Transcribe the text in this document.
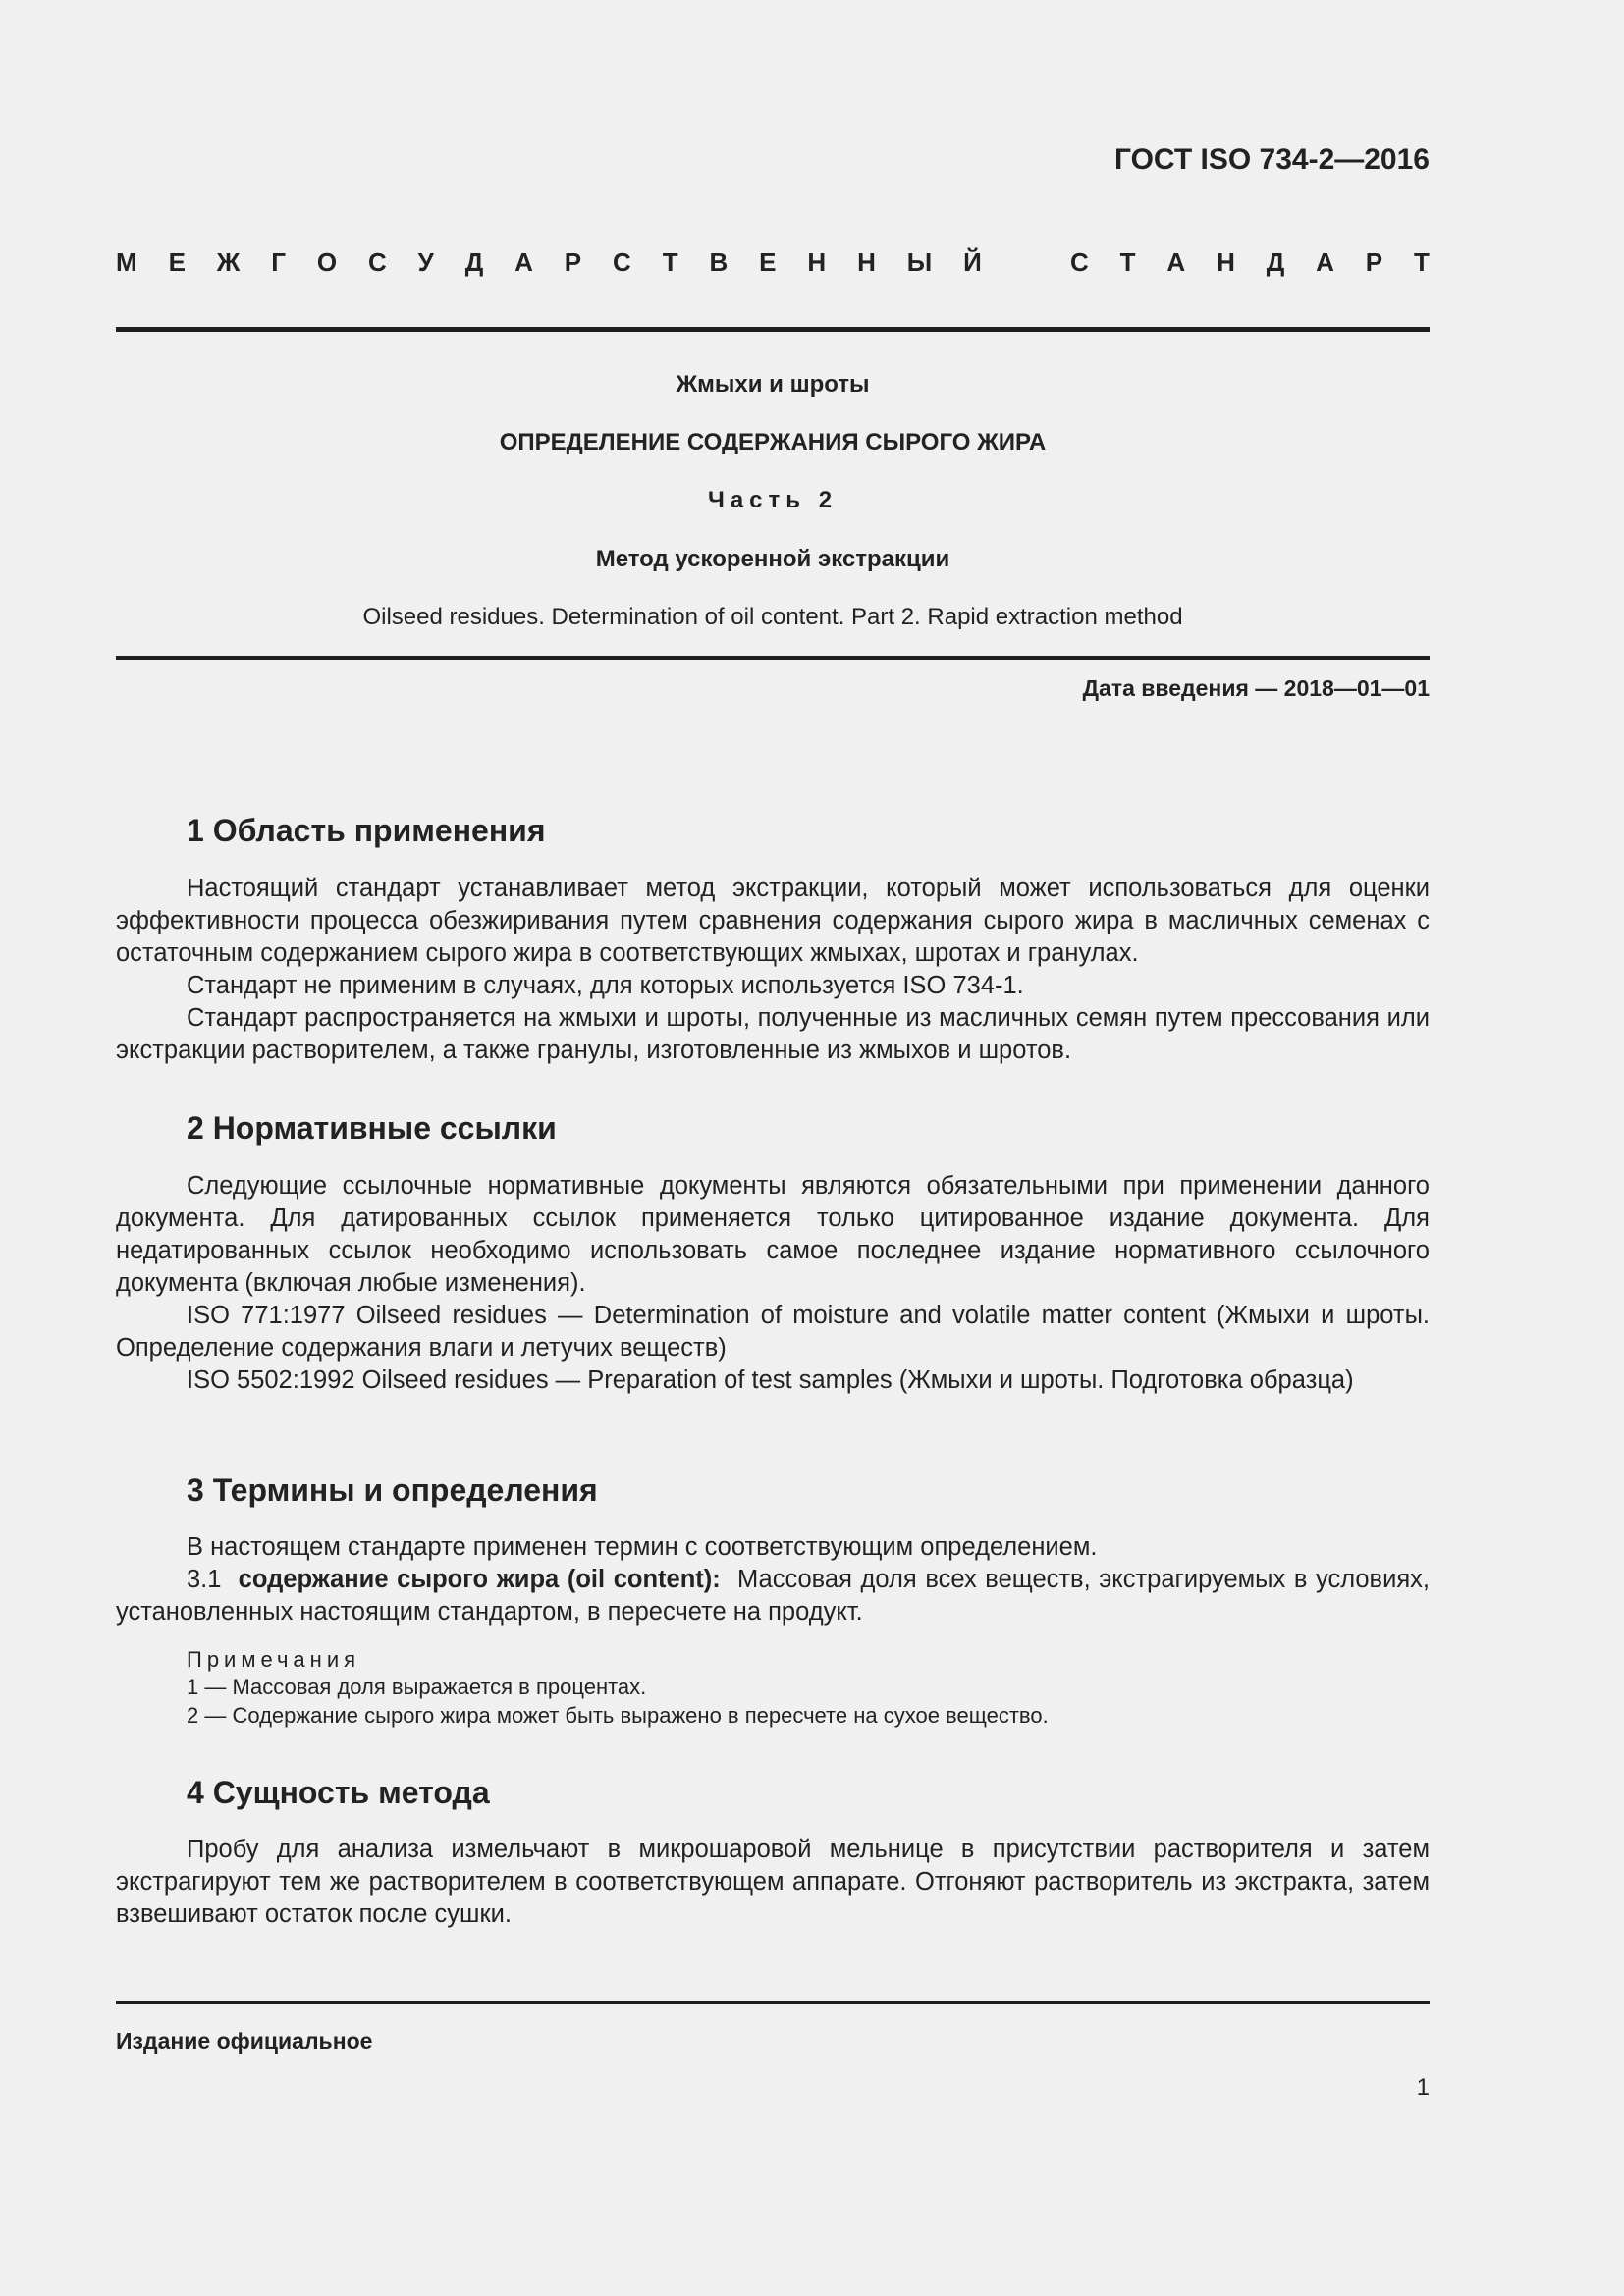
ГОСТ ISO 734-2—2016
М Е Ж Г О С У Д А Р С Т В Е Н Н Ы Й	С Т А Н Д А Р Т
Жмыхи и шроты
ОПРЕДЕЛЕНИЕ СОДЕРЖАНИЯ СЫРОГО ЖИРА
Часть 2
Метод ускоренной экстракции
Oilseed residues. Determination of oil content. Part 2. Rapid extraction method
Дата введения — 2018—01—01
1 Область применения

Настоящий стандарт устанавливает метод экстракции, который может использоваться для оценки эффективности процесса обезжиривания путем сравнения содержания сырого жира в масличных семенах с остаточным содержанием сырого жира в соответствующих жмыхах, шротах и гранулах.

Стандарт не применим в случаях, для которых используется ISO 734-1.

Стандарт распространяется на жмыхи и шроты, полученные из масличных семян путем прессования или экстракции растворителем, а также гранулы, изготовленные из жмыхов и шротов.

2 Нормативные ссылки

Следующие ссылочные нормативные документы являются обязательными при применении данного документа. Для датированных ссылок применяется только цитированное издание документа. Для недатированных ссылок необходимо использовать самое последнее издание нормативного ссылочного документа (включая любые изменения).

ISO 771:1977 Oilseed residues — Determination of moisture and volatile matter content (Жмыхи и шроты. Определение содержания влаги и летучих веществ)

ISO 5502:1992 Oilseed residues — Preparation of test samples (Жмыхи и шроты. Подготовка образца)

3 Термины и определения

В настоящем стандарте применен термин с соответствующим определением.

3.1 содержание сырого жира (oil content): Массовая доля всех веществ, экстрагируемых в условиях, установленных настоящим стандартом, в пересчете на продукт.

Примечания
1 — Массовая доля выражается в процентах.
2 — Содержание сырого жира может быть выражено в пересчете на сухое вещество.
4 Сущность метода

Пробу для анализа измельчают в микрошаровой мельнице в присутствии растворителя и затем экстрагируют тем же растворителем в соответствующем аппарате. Отгоняют растворитель из экстракта, затем взвешивают остаток после сушки.

Издание официальное
1
